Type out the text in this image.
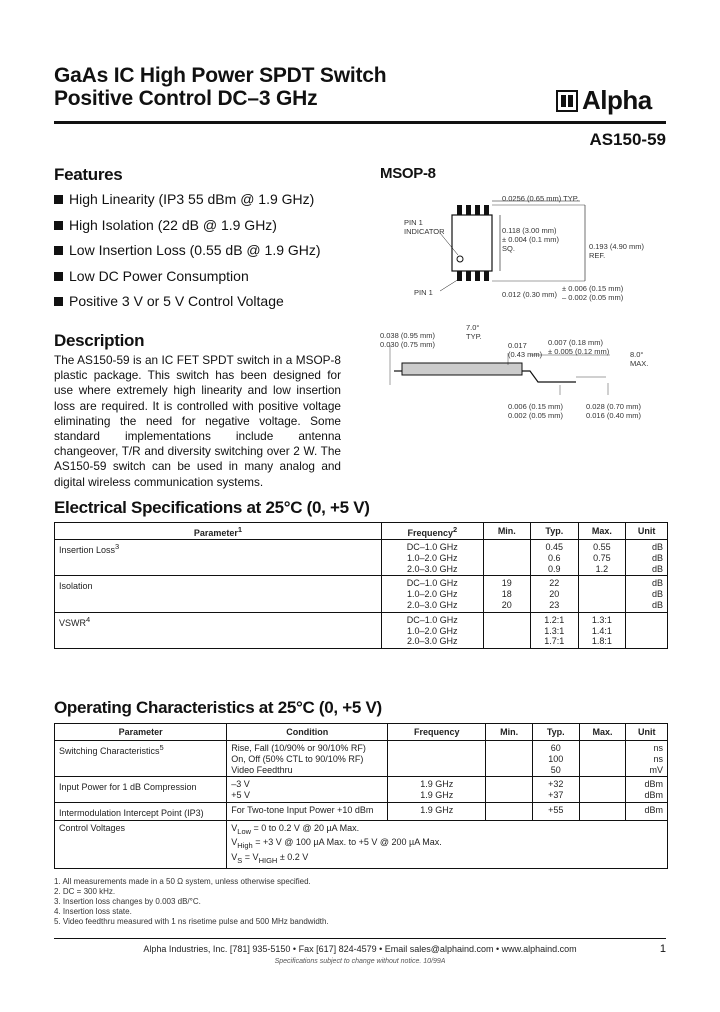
GaAs IC High Power SPDT Switch
Positive Control DC–3 GHz	Alpha
AS150-59
Features
High Linearity (IP3 55 dBm @ 1.9 GHz)
High Isolation (22 dB @ 1.9 GHz)
Low Insertion Loss (0.55 dB @ 1.9 GHz)
Low DC Power Consumption
Positive 3 V or 5 V Control Voltage
MSOP-8
PIN 1 INDICATOR
PIN 1
0.0256 (0.65 mm) TYP.
0.118 (3.00 mm) ± 0.004 (0.1 mm) SQ.	0.193 (4.90 mm) REF.
± 0.006 (0.15 mm) – 0.002 (0.05 mm)
0.012 (0.30 mm)
0.038 (0.95 mm) 0.030 (0.75 mm)
7.0° TYP.
0.017 (0.43 mm)
0.007 (0.18 mm) ± 0.005 (0.12 mm)	8.0° MAX.
0.006 (0.15 mm) 0.002 (0.05 mm)
0.028 (0.70 mm) 0.016 (0.40 mm)
Description
The AS150-59 is an IC FET SPDT switch in a MSOP-8 plastic package. This switch has been designed for use where extremely high linearity and low insertion loss are required. It is controlled with positive voltage eliminating the need for negative voltage. Some standard implementations include antenna changeover, T/R and diversity switching over 2 W. The AS150-59 switch can be used in many analog and digital wireless communication systems.
Electrical Specifications at 25°C (0, +5 V)
Parameter$^1$	Frequency$^2$	Min.	Typ.	Max.	Unit
Insertion Loss$^3$	DC–1.0 GHz
1.0–2.0 GHz
2.0–3.0 GHz		0.45
0.6
0.9	0.55
0.75
1.2	dB
dB
dB
Isolation	DC–1.0 GHz
1.0–2.0 GHz
2.0–3.0 GHz	19
18
20	22
20
23		dB
dB
dB
VSWR$^4$	DC–1.0 GHz
1.0–2.0 GHz
2.0–3.0 GHz		1.2:1
1.3:1
1.7:1	1.3:1
1.4:1
1.8:1	
Operating Characteristics at 25°C (0, +5 V)
Parameter	Condition	Frequency	Min.	Typ.	Max.	Unit
Switching Characteristics$^5$	Rise, Fall (10/90% or 90/10% RF)
On, Off (50% CTL to 90/10% RF)
Video Feedthru			60
100
50		ns
ns
mV
Input Power for 1 dB Compression	–3 V
+5 V	1.9 GHz
1.9 GHz		+32
+37		dBm
dBm
Intermodulation Intercept Point (IP3)	For Two-tone Input Power +10 dBm	1.9 GHz		+55		dBm
Control Voltages	$V_{Low} = 0$ to 0.2 V @ 20 µA Max.
$V_{High} = +3$ V @ 100 µA Max. to +5 V @ 200 µA Max.
$V_S = V_{HIGH} \pm 0.2$ V					
1. All measurements made in a 50 Ω system, unless otherwise specified.
2. DC = 300 kHz.
3. Insertion loss changes by 0.003 dB/°C.
4. Insertion loss state.
5. Video feedthru measured with 1 ns risetime pulse and 500 MHz bandwidth.
Alpha Industries, Inc. [781] 935-5150 • Fax [617] 824-4579 • Email sales@alphaind.com • www.alphaind.com	1
Specifications subject to change without notice. 10/99A
